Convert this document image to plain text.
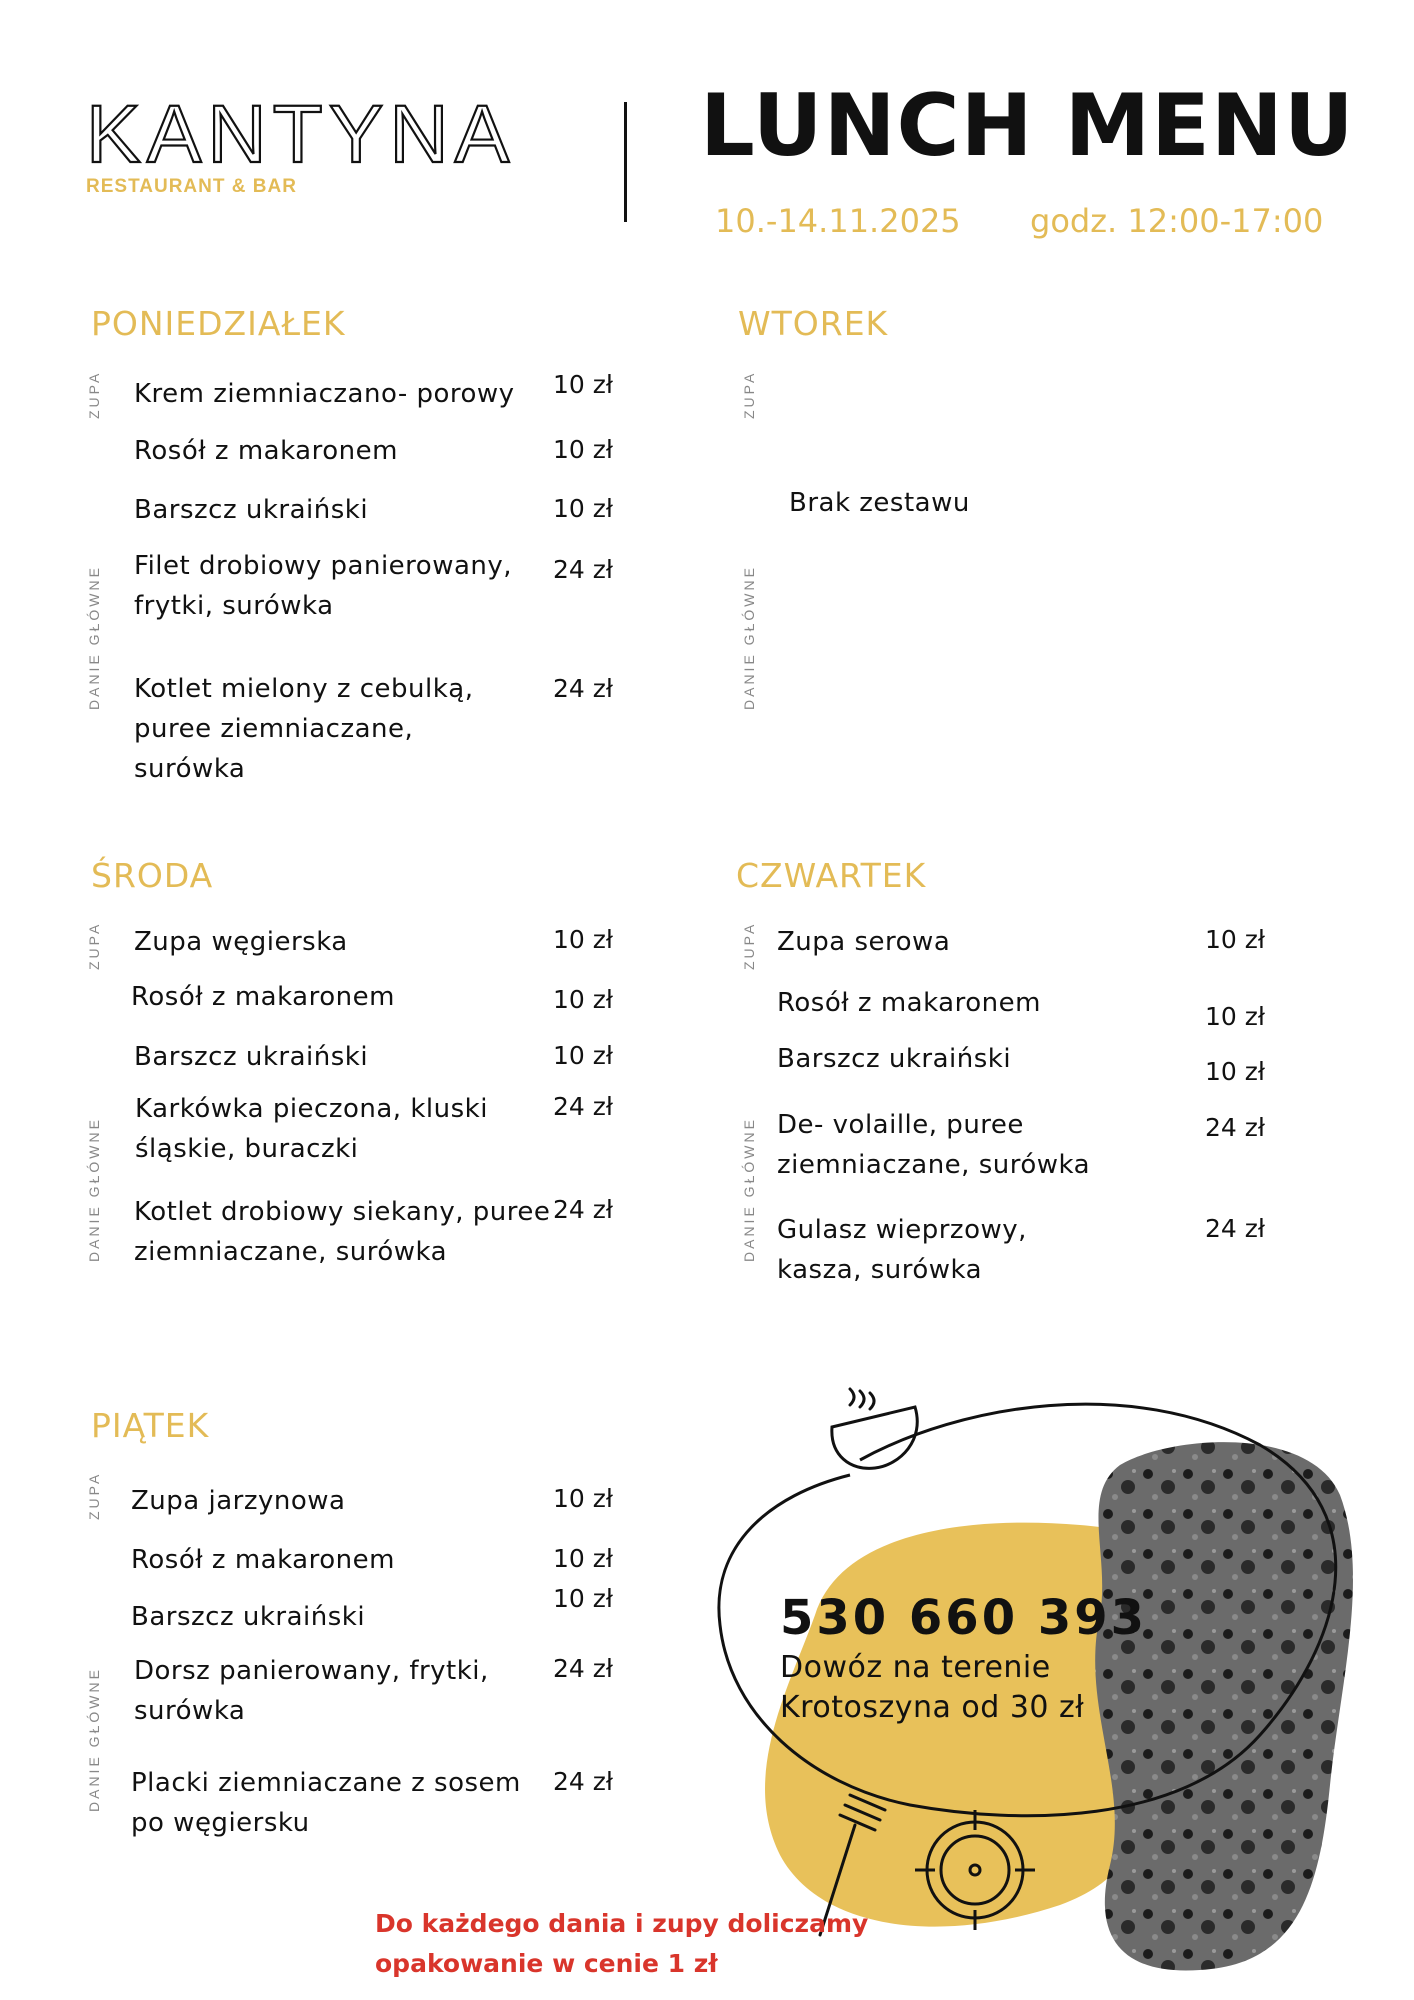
KANTYNA
RESTAURANT & BAR
LUNCH MENU
10.-14.11.2025 godz. 12:00-17:00
PONIEDZIAŁEK
ZUPA
DANIE GŁÓWNE
Krem ziemniaczano- porowy	10 zł
Rosół z makaronem	10 zł
Barszcz ukraiński	10 zł
Filet drobiowy panierowany, frytki, surówka
24 zł
Kotlet mielony z cebulką, puree ziemniaczane, surówka
24 zł
WTOREK
ZUPA
DANIE GŁÓWNE
Brak zestawu
ŚRODA
ZUPA
DANIE GŁÓWNE
Zupa węgierska	10 zł
Rosół z makaronem	10 zł
Barszcz ukraiński	10 zł
Karkówka pieczona, kluski śląskie, buraczki
24 zł
Kotlet drobiowy siekany, puree ziemniaczane, surówka
24 zł
CZWARTEK
ZUPA
DANIE GŁÓWNE
Zupa serowa	10 zł
Rosół z makaronem	10 zł
Barszcz ukraiński	10 zł
De- volaille, puree ziemniaczane, surówka
24 zł
Gulasz wieprzowy, kasza, surówka
24 zł
PIĄTEK
ZUPA
DANIE GŁÓWNE
Zupa jarzynowa	10 zł
Rosół z makaronem	10 zł
Barszcz ukraiński
10 zł
Dorsz panierowany, frytki, surówka
24 zł
Placki ziemniaczane z sosem po węgiersku
24 zł
530 660 393
Dowóz na terenie Krotoszyna od 30 zł
Do każdego dania i zupy doliczamy opakowanie w cenie 1 zł
